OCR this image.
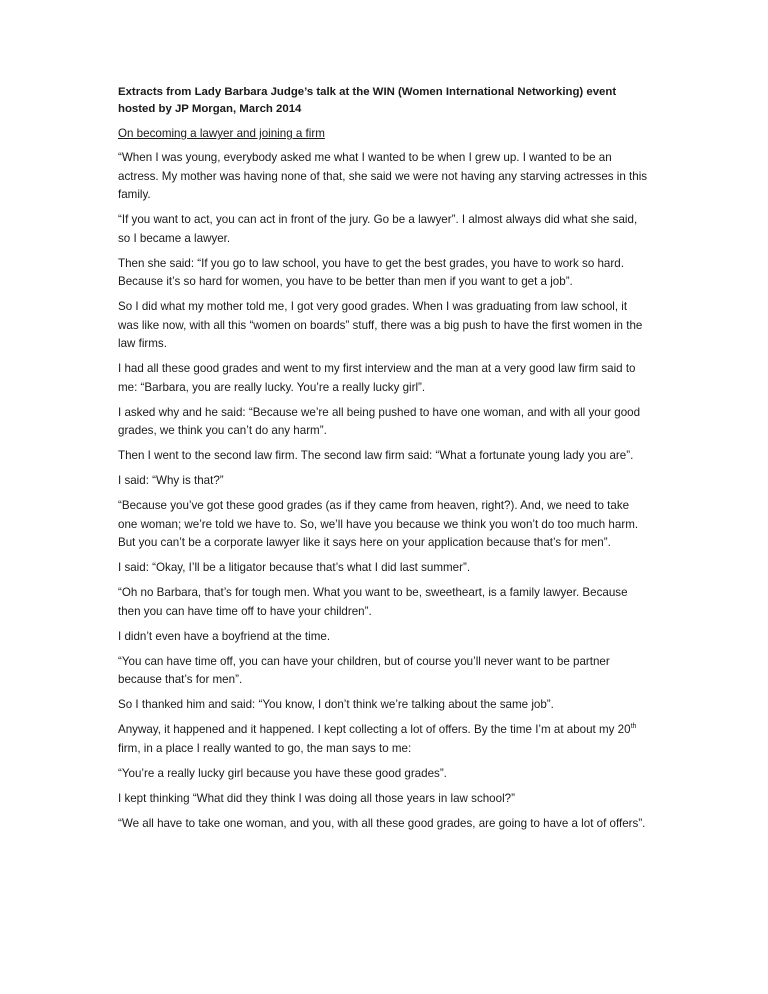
Extracts from Lady Barbara Judge’s talk at the WIN (Women International Networking) event hosted by JP Morgan, March 2014

On becoming a lawyer and joining a firm

“When I was young, everybody asked me what I wanted to be when I grew up. I wanted to be an actress. My mother was having none of that, she said we were not having any starving actresses in this family.

“If you want to act, you can act in front of the jury. Go be a lawyer”. I almost always did what she said, so I became a lawyer.

Then she said: “If you go to law school, you have to get the best grades, you have to work so hard. Because it’s so hard for women, you have to be better than men if you want to get a job”.

So I did what my mother told me, I got very good grades. When I was graduating from law school, it was like now, with all this “women on boards” stuff, there was a big push to have the first women in the law firms.

I had all these good grades and went to my first interview and the man at a very good law firm said to me: “Barbara, you are really lucky. You’re a really lucky girl”.

I asked why and he said: “Because we’re all being pushed to have one woman, and with all your good grades, we think you can’t do any harm”.

Then I went to the second law firm. The second law firm said: “What a fortunate young lady you are”.

I said: “Why is that?”

“Because you’ve got these good grades (as if they came from heaven, right?). And, we need to take one woman; we’re told we have to. So, we’ll have you because we think you won’t do too much harm. But you can’t be a corporate lawyer like it says here on your application because that’s for men”.

I said: “Okay, I’ll be a litigator because that’s what I did last summer”.

“Oh no Barbara, that’s for tough men. What you want to be, sweetheart, is a family lawyer. Because then you can have time off to have your children”.

I didn’t even have a boyfriend at the time.

“You can have time off, you can have your children, but of course you’ll never want to be partner because that’s for men”.

So I thanked him and said: “You know, I don’t think we’re talking about the same job”.

Anyway, it happened and it happened. I kept collecting a lot of offers. By the time I’m at about my 20th firm, in a place I really wanted to go, the man says to me:

“You’re a really lucky girl because you have these good grades”.

I kept thinking “What did they think I was doing all those years in law school?”

“We all have to take one woman, and you, with all these good grades, are going to have a lot of offers”.
